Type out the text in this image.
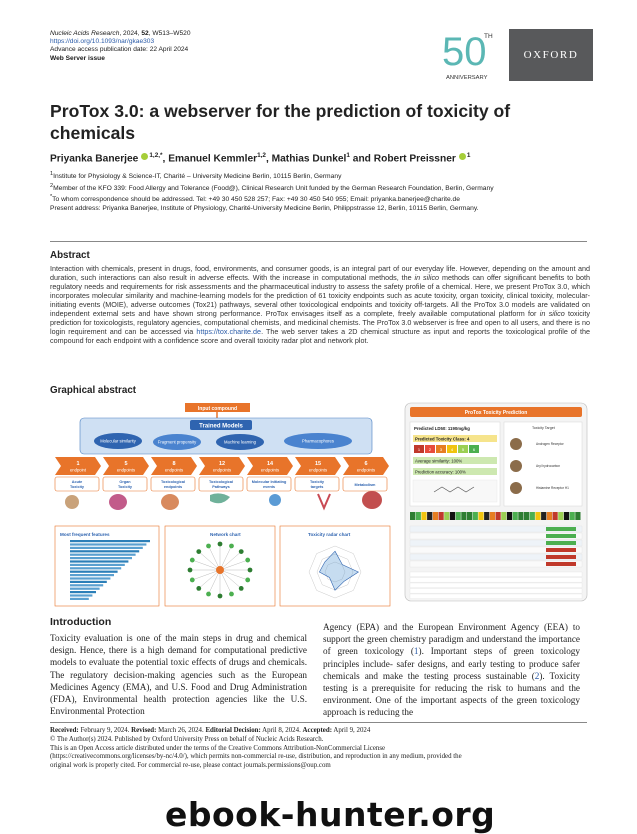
Nucleic Acids Research, 2024, 52, W513–W520
https://doi.org/10.1093/nar/gkae303
Advance access publication date: 22 April 2024
Web Server issue	50
TH
ANNIVERSARY
OXFORD
ProTox 3.0: a webserver for the prediction of toxicity of chemicals
Priyanka Banerjee $^{1,2,*}$, Emanuel Kemmler$^{1,2}$, Mathias Dunkel$^1$ and Robert Preissner $^1$
$^1$Institute for Physiology & Science-IT, Charité – University Medicine Berlin, 10115 Berlin, Germany
$^2$Member of the KFO 339: Food Allergy and Tolerance (Food@), Clinical Research Unit funded by the German Research Foundation, Berlin, Germany
*To whom correspondence should be addressed. Tel: +49 30 450 528 257; Fax: +49 30 450 540 955; Email: priyanka.banerjee@charite.de
Present address: Priyanka Banerjee, Institute of Physiology, Charité-University Medicine Berlin, Philippstrasse 12, Berlin, 10115 Berlin, Germany.
Abstract
Interaction with chemicals, present in drugs, food, environments, and consumer goods, is an integral part of our everyday life. However, depending on the amount and duration, such interactions can also result in adverse effects. With the increase in computational methods, the in silico methods can offer significant benefits to both regulatory needs and requirements for risk assessments and the pharmaceutical industry to assess the safety profile of a chemical. Here, we present ProTox 3.0, which incorporates molecular similarity and machine-learning models for the prediction of 61 toxicity endpoints such as acute toxicity, organ toxicity, clinical toxicity, molecular-initiating events (MOIE), adverse outcomes (Tox21) pathways, several other toxicological endpoints and toxicity off-targets. All the ProTox 3.0 models are validated on independent external sets and have shown strong performance. ProTox envisages itself as a complete, freely available computational platform for in silico toxicity prediction for toxicologists, regulatory agencies, computational chemists, and medicinal chemists. The ProTox 3.0 webserver is free and open to all users, and there is no login requirement and can be accessed via https://tox.charite.de. The web server takes a 2D chemical structure as input and reports the toxicological profile of the compound for each endpoint with a confidence score and overall toxicity radar plot and network plot.
Graphical abstract
Input compound
Trained Models
Molecular similarity	Fragment propensity	Machine learning	Pharmacophores
1
endpoint
5
endpoints
8
endpoints
12
endpoints
14
endpoints
15
endpoints
6
endpoints
Acute
Toxicity
Organ
Toxicity
Toxicological
endpoints
Toxicological
Pathways
Molecular Initiating
events
Toxicity
targets	Metabolism
Most frequent features	Network chart	Toxicity radar chart
ProTox Toxicity Prediction
Predicted LD50: 1190mg/kg
Predicted Toxicity Class: 4
1 2 3 4 5 6
Average similarity: 100%
Prediction accuracy: 100%
Toxicity Target
Androgen Receptor
Aryl hydrocarbon
Histamine Receptor H1
Introduction
Toxicity evaluation is one of the main steps in drug and chemical design. Hence, there is a high demand for computational predictive models to evaluate the potential toxic effects of drugs and chemicals. The regulatory decision-making agencies such as the European Medicines Agency (EMA), and U.S. Food and Drug Administration (FDA), Environmental health protection agencies like the U.S. Environmental Protection
Agency (EPA) and the European Environment Agency (EEA) to support the green chemistry paradigm and understand the importance of green toxicology (1). Important steps of green toxicology principles include- safer designs, and early testing to produce safer chemicals and make the testing process sustainable (2). Toxicity testing is a prerequisite for reducing the risk to humans and the environment. One of the important aspects of the green toxicology approach is reducing the
Received: February 9, 2024. Revised: March 26, 2024. Editorial Decision: April 8, 2024. Accepted: April 9, 2024
© The Author(s) 2024. Published by Oxford University Press on behalf of Nucleic Acids Research.
This is an Open Access article distributed under the terms of the Creative Commons Attribution-NonCommercial License
(https://creativecommons.org/licenses/by-nc/4.0/), which permits non-commercial re-use, distribution, and reproduction in any medium, provided the
original work is properly cited. For commercial re-use, please contact journals.permissions@oup.com
ebook-hunter.org
